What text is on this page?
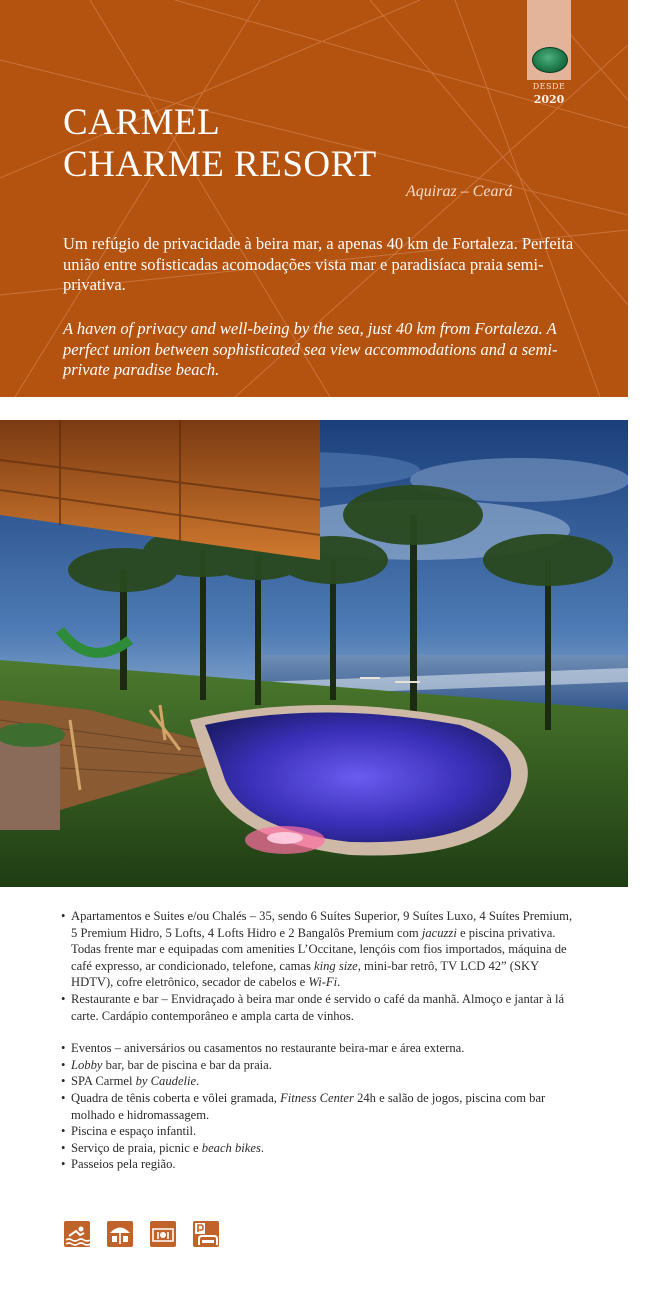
DESDE
2020
CARMEL
CHARME RESORT
Aquiraz – Ceará

Um refúgio de privacidade à beira mar, a apenas 40 km de Fortaleza. Perfeita união entre sofisticadas acomodações vista mar e paradisíaca praia semi-privativa.

A haven of privacy and well-being by the sea, just 40 km from Fortaleza. A perfect union between sophisticated sea view accommodations and a semi-private paradise beach.

• Apartamentos e Suites e/ou Chalés – 35, sendo 6 Suítes Superior, 9 Suítes Luxo, 4 Suítes Premium, 5 Premium Hidro, 5 Lofts, 4 Lofts Hidro e 2 Bangalôs Premium com jacuzzi e piscina privativa. Todas frente mar e equipadas com amenities L’Occitane, lençóis com fios importados, máquina de café expresso, ar condicionado, telefone, camas king size, mini-bar retrô, TV LCD 42” (SKY HDTV), cofre eletrônico, secador de cabelos e Wi-Fi.
• Restaurante e bar – Envidraçado à beira mar onde é servido o café da manhã. Almoço e jantar à lá carte. Cardápio contemporâneo e ampla carta de vinhos.
• Eventos – aniversários ou casamentos no restaurante beira-mar e área externa.
• Lobby bar, bar de piscina e bar da praia.
• SPA Carmel by Caudelie.
• Quadra de tênis coberta e vôlei gramada, Fitness Center 24h e salão de jogos, piscina com bar molhado e hidromassagem.
• Piscina e espaço infantil.
• Serviço de praia, picnic e beach bikes.
• Passeios pela região.
